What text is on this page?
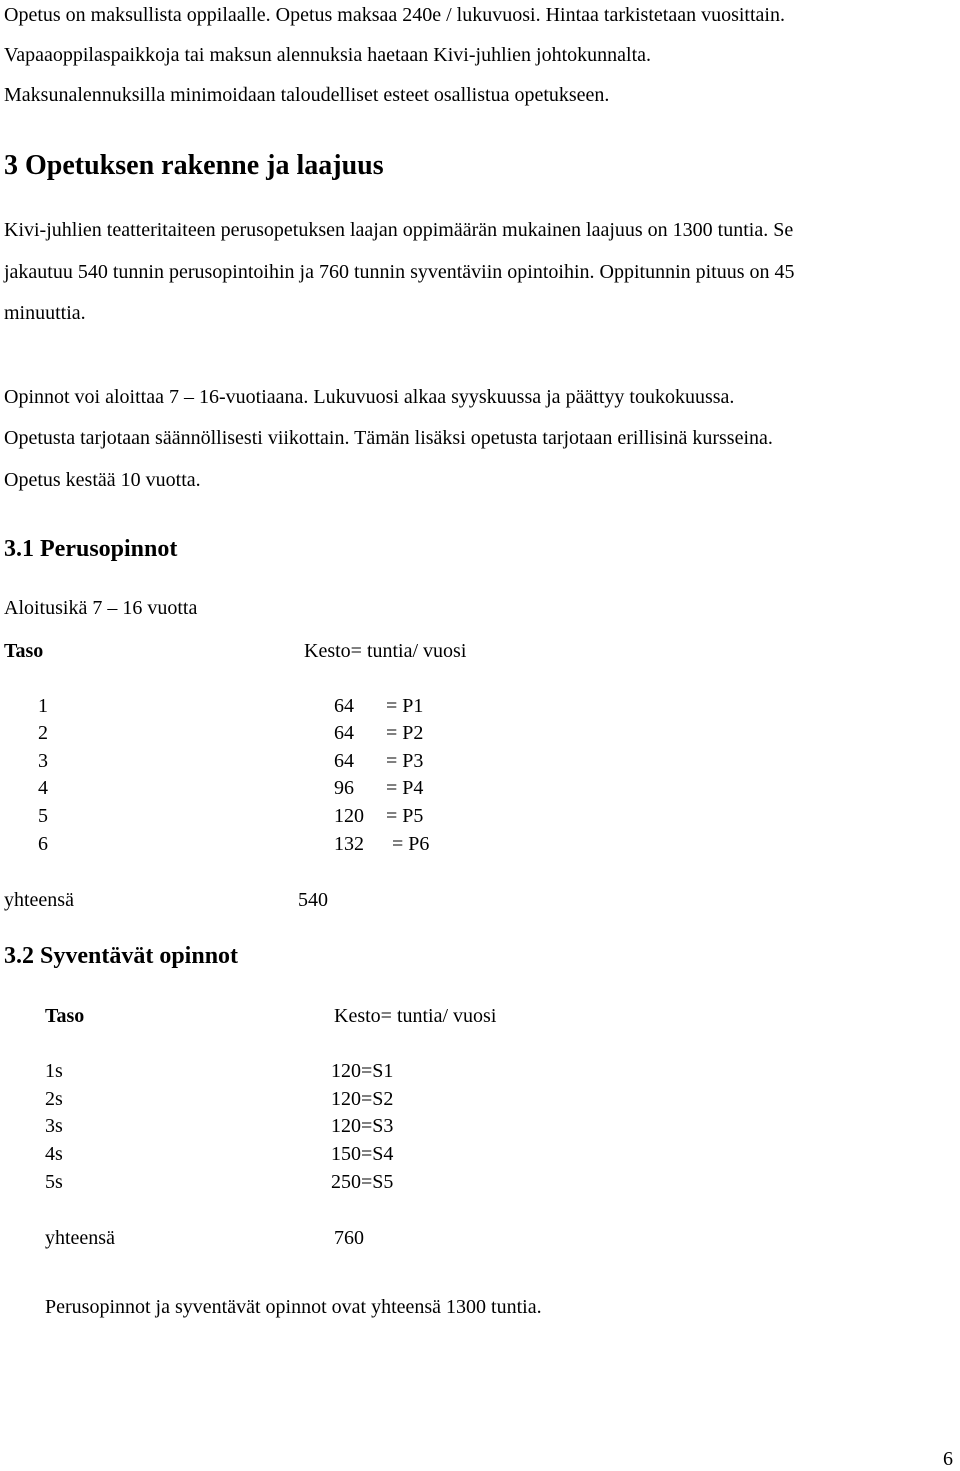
Opetus on maksullista oppilaalle. Opetus maksaa 240e / lukuvuosi. Hintaa tarkistetaan vuosittain.
Vapaaoppilaspaikkoja tai maksun alennuksia haetaan Kivi-juhlien johtokunnalta.
Maksunalennuksilla minimoidaan taloudelliset esteet osallistua opetukseen.
3 Opetuksen rakenne ja laajuus
Kivi-juhlien teatteritaiteen perusopetuksen laajan oppimäärän mukainen laajuus on 1300 tuntia. Se
jakautuu 540 tunnin perusopintoihin ja 760 tunnin syventäviin opintoihin. Oppitunnin pituus on 45
minuuttia.
Opinnot voi aloittaa 7 – 16-vuotiaana. Lukuvuosi alkaa syyskuussa ja päättyy toukokuussa.
Opetusta tarjotaan säännöllisesti viikottain. Tämän lisäksi opetusta tarjotaan erillisinä kursseina.
Opetus kestää 10 vuotta.
3.1 Perusopinnot
Aloitusikä 7 – 16 vuotta
Taso	Kesto= tuntia/ vuosi
1	64 = P1
2	64 = P2
3	64 = P3
4	96 = P4
5	120 = P5
6	132 = P6
yhteensä	540
3.2 Syventävät opinnot
Taso	Kesto= tuntia/ vuosi
1s	120=S1
2s	120=S2
3s	120=S3
4s	150=S4
5s	250=S5
yhteensä	760
Perusopinnot ja syventävät opinnot ovat yhteensä 1300 tuntia.
6
